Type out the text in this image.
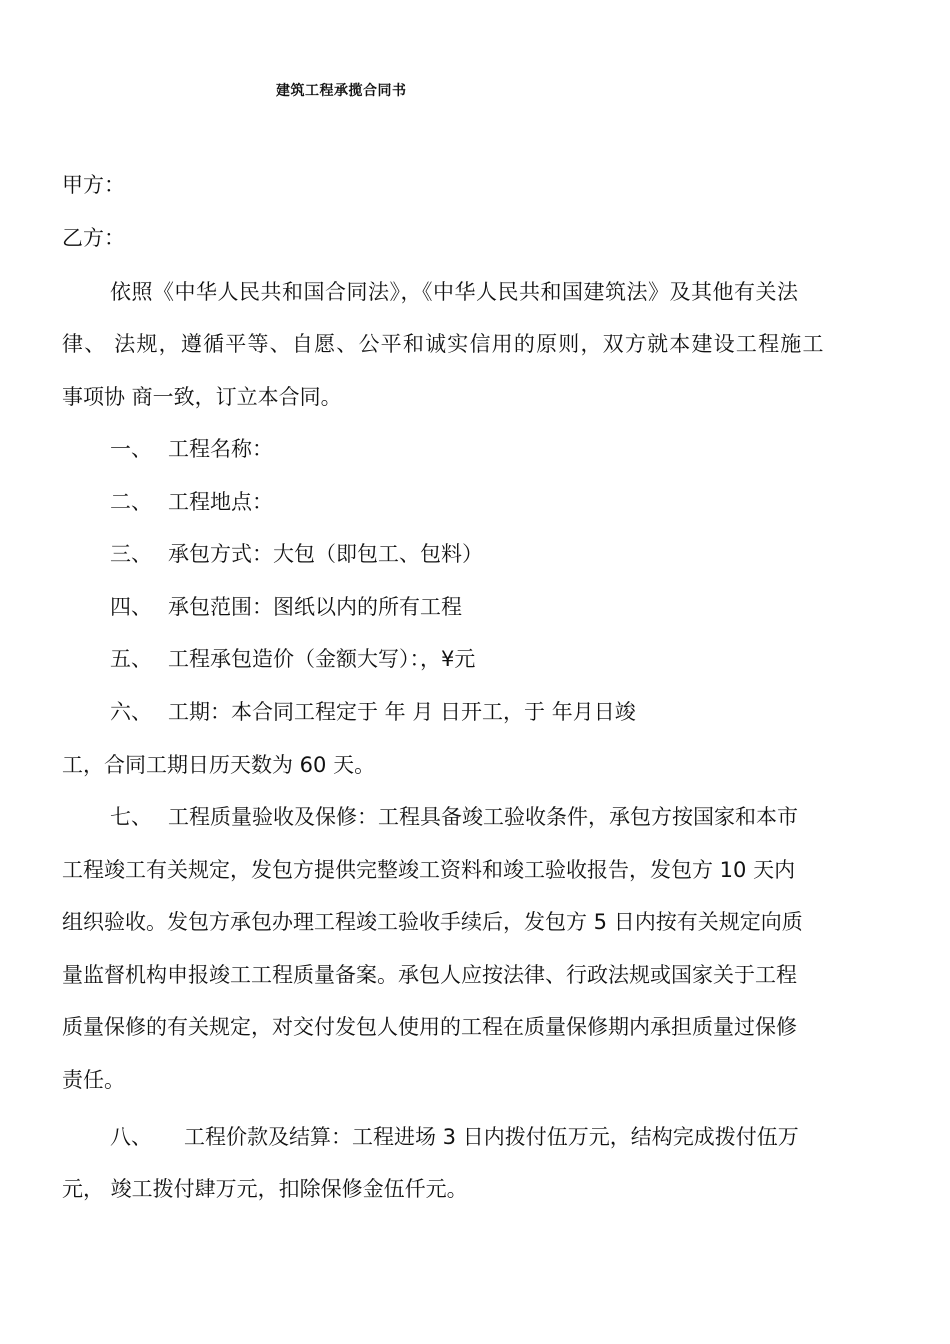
建筑工程承揽合同书
甲方：
乙方：
依照《中华人民共和国合同法》，《中华人民共和国建筑法》及其他有关法
律、 法规，遵循平等、自愿、公平和诚实信用的原则，双方就本建设工程施工
事项协 商一致，订立本合同。
一、 工程名称：
二、 工程地点：
三、 承包方式：大包（即包工、包料）
四、 承包范围：图纸以内的所有工程
五、 工程承包造价（金额大写）：，¥元
六、 工期：本合同工程定于 年 月 日开工，于 年月日竣
工，合同工期日历天数为 60 天。
七、 工程质量验收及保修：工程具备竣工验收条件，承包方按国家和本市
工程竣工有关规定，发包方提供完整竣工资料和竣工验收报告，发包方 10 天内
组织验收。发包方承包办理工程竣工验收手续后，发包方 5 日内按有关规定向质
量监督机构申报竣工工程质量备案。承包人应按法律、行政法规或国家关于工程
质量保修的有关规定，对交付发包人使用的工程在质量保修期内承担质量过保修
责任。
八、 工程价款及结算：工程进场 3 日内拨付伍万元，结构完成拨付伍万
元， 竣工拨付肆万元，扣除保修金伍仟元。
